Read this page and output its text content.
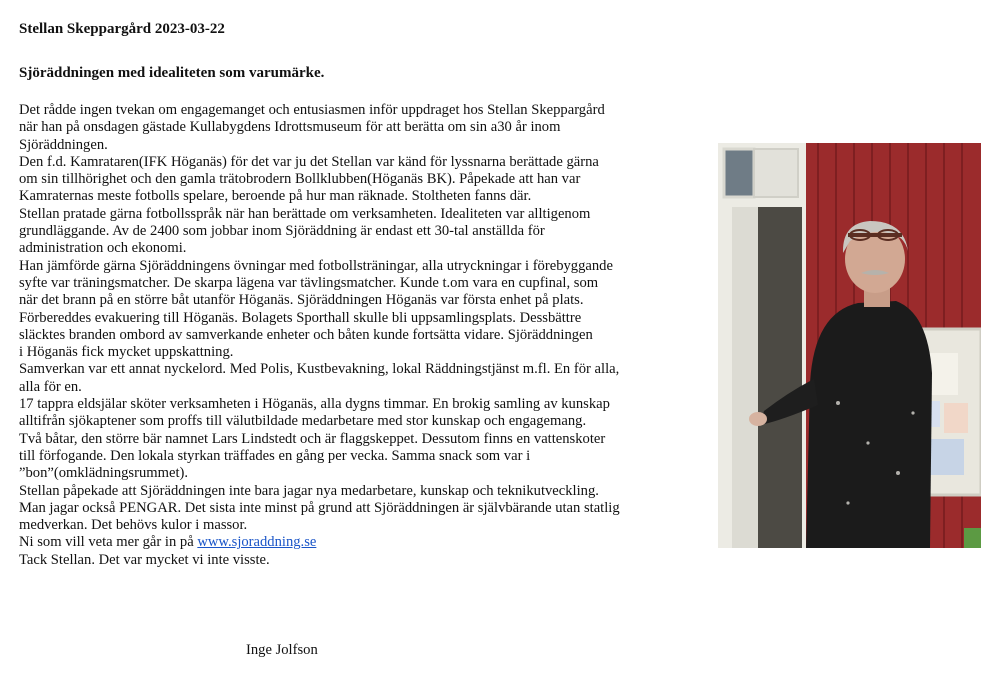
Stellan Skeppargård 2023-03-22
Sjöräddningen med idealiteten som varumärke.
Det rådde ingen tvekan om engagemanget och entusiasmen inför uppdraget hos Stellan Skeppargård
när han på onsdagen gästade Kullabygdens Idrottsmuseum för att berätta om sin a30 år inom
Sjöräddningen.
Den f.d. Kamrataren(IFK Höganäs) för det var ju det Stellan var känd för lyssnarna berättade gärna
om sin tillhörighet och den gamla trätobrodern Bollklubben(Höganäs BK). Påpekade att han var
Kamraternas meste fotbolls spelare, beroende på hur man räknade. Stoltheten fanns där.
Stellan pratade gärna fotbollsspråk när han berättade om verksamheten. Idealiteten var alltigenom
grundläggande. Av de 2400 som jobbar inom Sjöräddning är endast ett 30-tal anställda för
administration och ekonomi.
Han jämförde gärna Sjöräddningens övningar med fotbollsträningar, alla utryckningar i förebyggande
syfte var träningsmatcher. De skarpa lägena var tävlingsmatcher. Kunde t.om vara en cupfinal, som
när det brann på en större båt utanför Höganäs. Sjöräddningen Höganäs var första enhet på plats.
Förbereddes evakuering till Höganäs. Bolagets Sporthall skulle bli uppsamlingsplats. Dessbättre
släcktes branden ombord av samverkande enheter och båten kunde fortsätta vidare. Sjöräddningen
i Höganäs fick mycket uppskattning.
Samverkan var ett annat nyckelord. Med Polis, Kustbevakning, lokal Räddningstjänst m.fl. En för alla,
alla för en.
17 tappra eldsjälar sköter verksamheten i Höganäs, alla dygns timmar. En brokig samling av kunskap
alltifrån sjökaptener som proffs till välutbildade medarbetare med stor kunskap och engagemang.
Två båtar, den större bär namnet Lars Lindstedt och är flaggskeppet. Dessutom finns en vattenskoter
till förfogande. Den lokala styrkan träffades en gång per vecka. Samma snack som var i
”bon”(omklädningsrummet).
Stellan påpekade att Sjöräddningen inte bara jagar nya medarbetare, kunskap och teknikutveckling.
Man jagar också PENGAR. Det sista inte minst på grund att Sjöräddningen är självbärande utan statlig
medverkan. Det behövs kulor i massor.
Ni som vill veta mer går in på www.sjoraddning.se
Tack Stellan. Det var mycket vi inte visste.
Inge Jolfson
